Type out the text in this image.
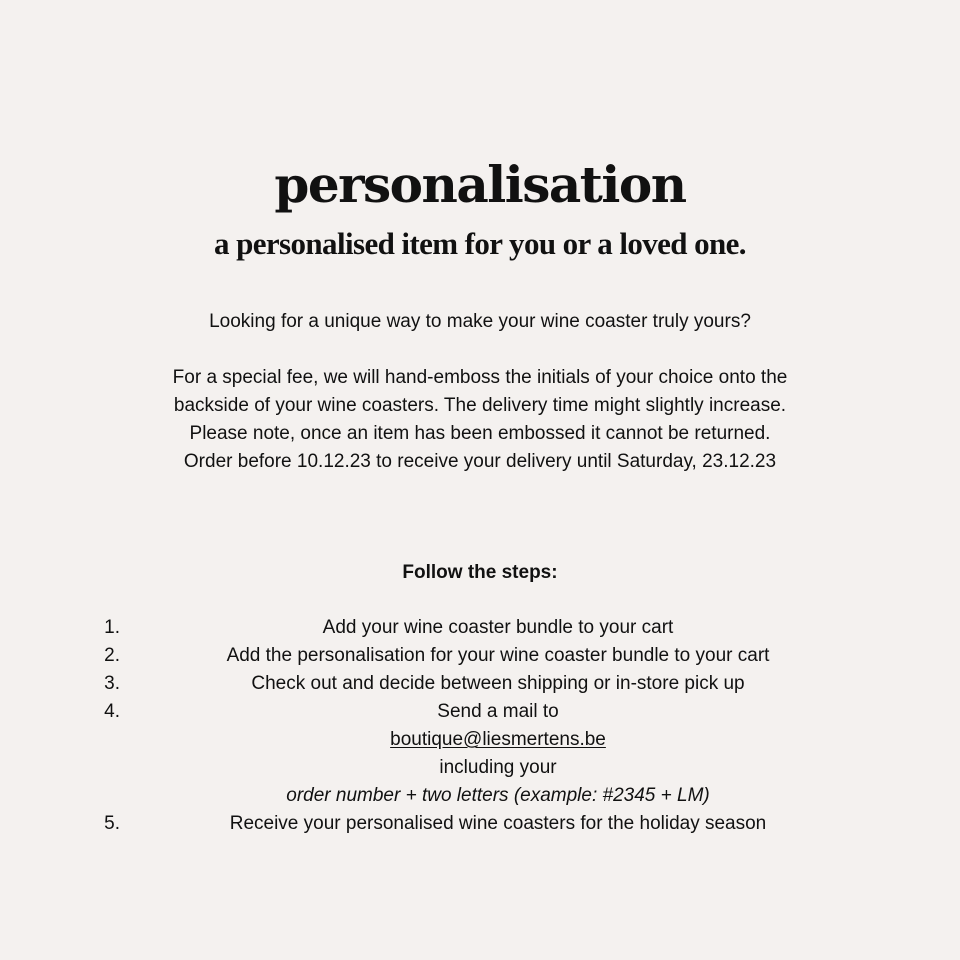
personalisation
a personalised item for you or a loved one.

Looking for a unique way to make your wine coaster truly yours?

For a special fee, we will hand-emboss the initials of your choice onto the
backside of your wine coasters. The delivery time might slightly increase.
Please note, once an item has been embossed it cannot be returned.
Order before 10.12.23 to receive your delivery until Saturday, 23.12.23

Follow the steps:

1.	Add your wine coaster bundle to your cart
2.	Add the personalisation for your wine coaster bundle to your cart
3.	Check out and decide between shipping or in-store pick up
4.	Send a mail to
boutique@liesmertens.be
including your
order number + two letters (example: #2345 + LM)
5.	Receive your personalised wine coasters for the holiday season
